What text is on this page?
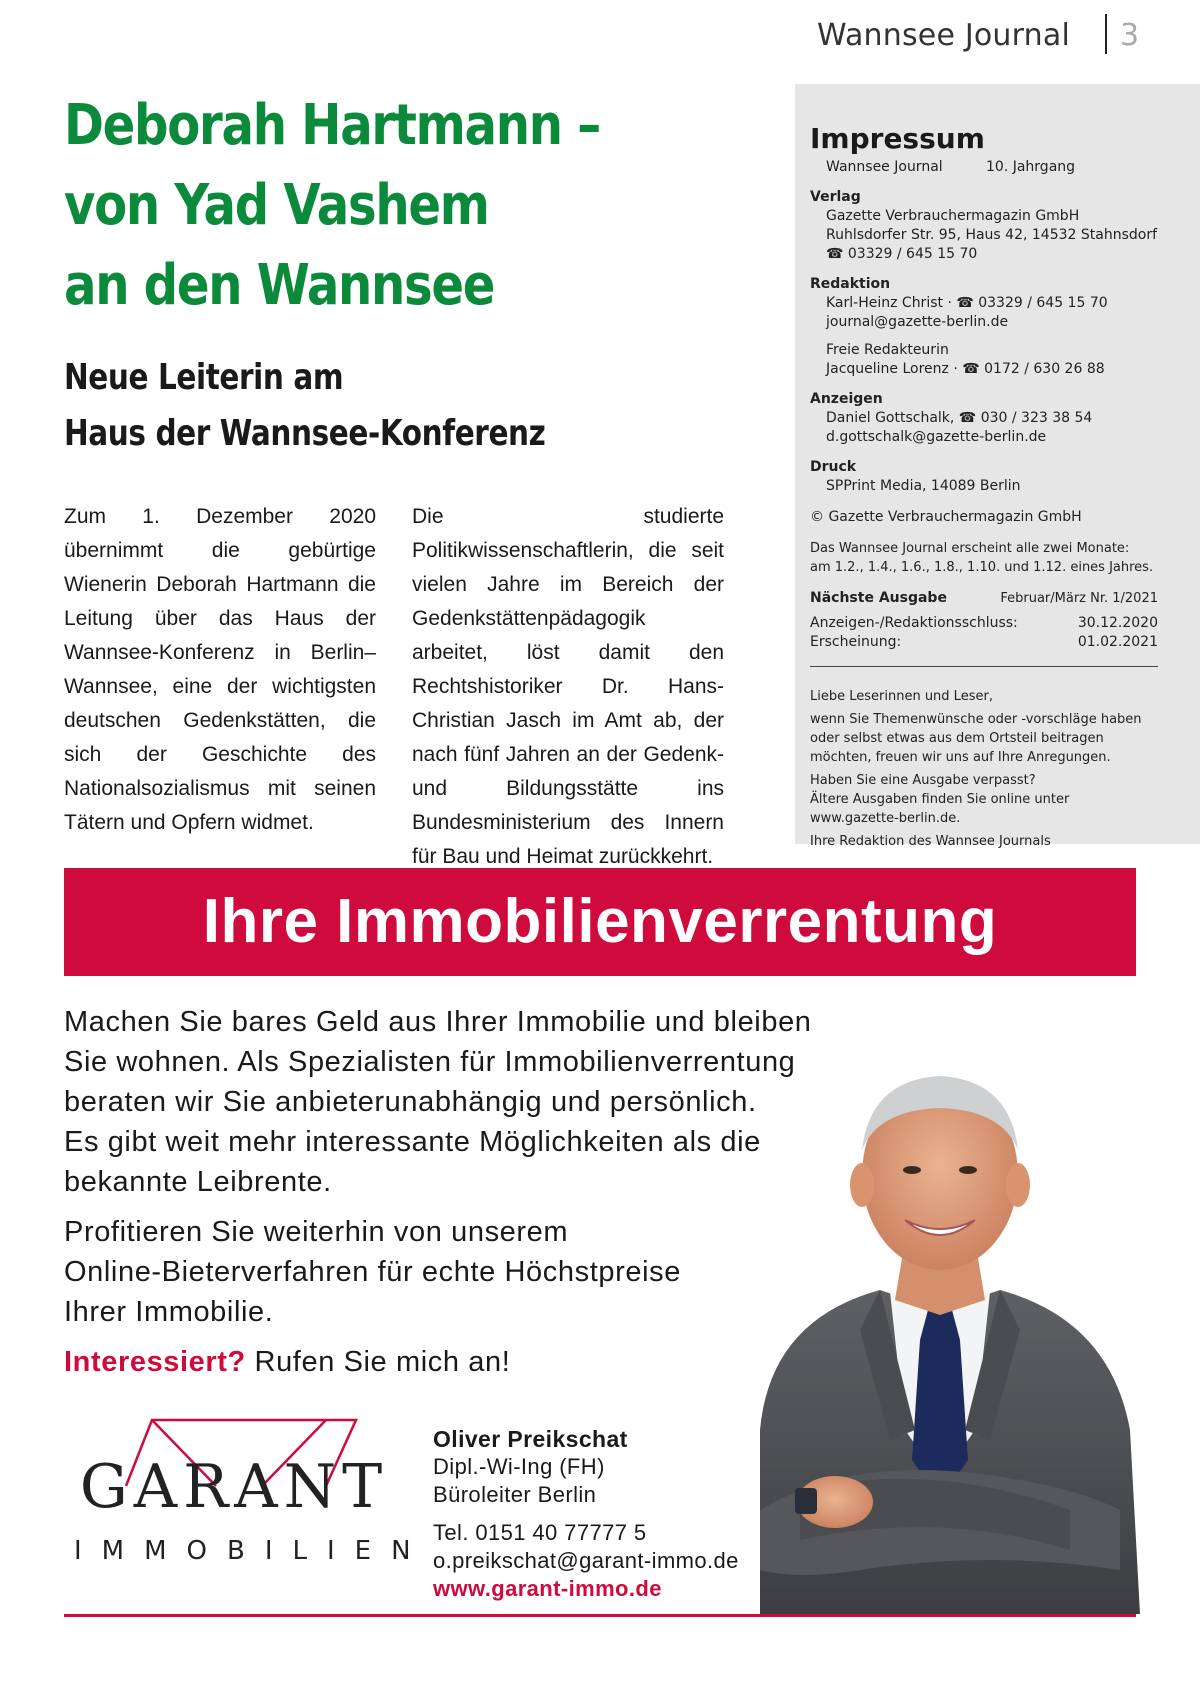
Wannsee Journal 3
Deborah Hartmann –
von Yad Vashem
an den Wannsee
Neue Leiterin am
Haus der Wannsee-Konferenz
Zum 1. Dezember 2020 übernimmt die gebürtige Wienerin Deborah Hartmann die Leitung über das Haus der Wannsee-Konferenz in Berlin–Wannsee, eine der wichtigsten deutschen Gedenkstätten, die sich der Geschichte des Nationalsozialismus mit seinen Tätern und Opfern widmet.
Die studierte Politikwissenschaftlerin, die seit vielen Jahre im Bereich der Gedenkstättenpädagogik arbeitet, löst damit den Rechtshistoriker Dr. Hans-Christian Jasch im Amt ab, der nach fünf Jahren an der Gedenk- und Bildungsstätte ins Bundesministerium des Innern für Bau und Heimat zurückkehrt.
Impressum
Wannsee Journal	10. Jahrgang
Verlag
Gazette Verbrauchermagazin GmbH
Ruhlsdorfer Str. 95, Haus 42, 14532 Stahnsdorf
☎ 03329 / 645 15 70
Redaktion
Karl-Heinz Christ · ☎ 03329 / 645 15 70
journal@gazette-berlin.de
Freie Redakteurin
Jacqueline Lorenz · ☎ 0172 / 630 26 88
Anzeigen
Daniel Gottschalk, ☎ 030 / 323 38 54
d.gottschalk@gazette-berlin.de
Druck
SPPrint Media, 14089 Berlin
© Gazette Verbrauchermagazin GmbH
Das Wannsee Journal erscheint alle zwei Monate:
am 1.2., 1.4., 1.6., 1.8., 1.10. und 1.12. eines Jahres.
Nächste Ausgabe	Februar/März Nr. 1/2021
Anzeigen-/Redaktionsschluss:	30.12.2020
Erscheinung:	01.02.2021
Liebe Leserinnen und Leser,
wenn Sie Themenwünsche oder -vorschläge haben
oder selbst etwas aus dem Ortsteil beitragen
möchten, freuen wir uns auf Ihre Anregungen.
Haben Sie eine Ausgabe verpasst?
Ältere Ausgaben finden Sie online unter
www.gazette-berlin.de.
Ihre Redaktion des Wannsee Journals
Ihre Immobilienverrentung
Machen Sie bares Geld aus Ihrer Immobilie und bleiben
Sie wohnen. Als Spezialisten für Immobilienverrentung
beraten wir Sie anbieterunabhängig und persönlich.
Es gibt weit mehr interessante Möglichkeiten als die
bekannte Leibrente.
Profitieren Sie weiterhin von unserem
Online-Bieterverfahren für echte Höchstpreise
Ihrer Immobilie.
Interessiert? Rufen Sie mich an!
GARANT
IMMOBILIEN
Oliver Preikschat
Dipl.-Wi-Ing (FH)
Büroleiter Berlin
Tel. 0151 40 77777 5
o.preikschat@garant-immo.de
www.garant-immo.de
